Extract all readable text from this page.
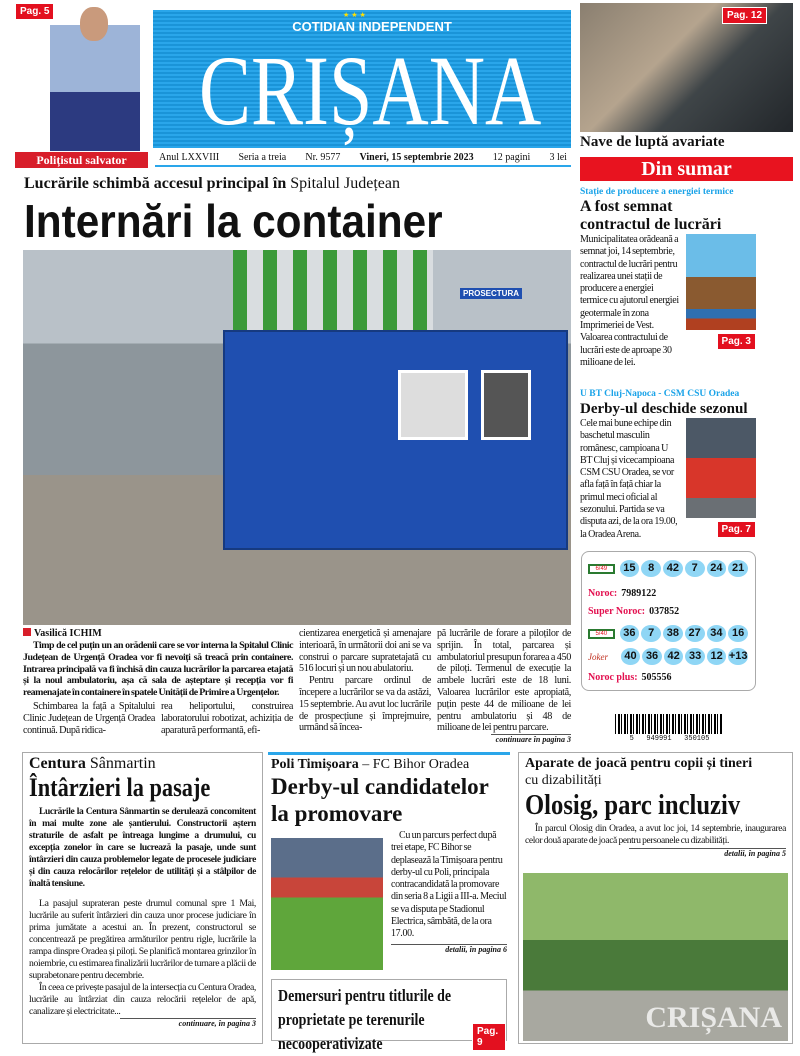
Pag. 5
Polițistul salvator
★★★
COTIDIAN INDEPENDENT
CRIȘANA
Anul LXXVIII Seria a treia Nr. 9577 Vineri, 15 septembrie 2023 12 pagini 3 lei
Pag. 12
Nave de luptă avariate
Lucrările schimbă accesul principal în Spitalul Județean
Internări la container
PROSECTURA
Vasilică ICHIM

Timp de cel puțin un an orădenii care se vor interna la Spitalul Clinic Județean de Urgență Oradea vor fi nevoiți să treacă prin containere. Intrarea principală va fi închisă din cauza lucrărilor la parcarea etajată și la noul ambulatoriu, așa că sala de așteptare și recepția vor fi reamenajate în containere în spatele Unității de Primire a Urgențelor.

Schimbarea la față a Spitalului Clinic Județean de Urgență Oradea continuă. După ridica-

rea heliportului, construirea laboratorului robotizat, achiziția de aparatură performantă, efi-

cientizarea energetică și amenajare interioară, în următorii doi ani se va construi o parcare supratetajată cu 516 locuri și un nou abulatoriu.

Pentru parcare ordinul de începere a lucrărilor se va da astăzi, 15 septembrie. Au avut loc lucrările de prospecțiune și împrejmuire, urmând să încea-

pă lucrările de forare a piloților de sprijin. În total, parcarea și ambulatoriul presupun forarea a 450 de piloți. Termenul de execuție la ambele lucrări este de 18 luni. Valoarea lucrărilor este apropiată, puțin peste 44 de milioane de lei pentru ambulatoriu și 48 de milioane de lei pentru parcare.

continuare în pagina 3
Din sumar
Stație de producere a energiei termice
A fost semnat contractul de lucrări
Pag. 3

Municipalitatea orădeană a semnat joi, 14 septembrie, contractul de lucrări pentru realizarea unei stații de producere a energiei termice cu ajutorul energiei geotermale în zona Imprimeriei de Vest. Valoarea contractului de lucrări este de aproape 30 milioane de lei.

U BT Cluj-Napoca - CSM CSU Oradea
Derby-ul deschide sezonul
Pag. 7

Cele mai bune echipe din baschetul masculin românesc, campioana U BT Cluj și vicecampioana CSM CSU Oradea, se vor afla față în față chiar la primul meci oficial al sezonului. Partida se va disputa azi, de la ora 19.00, la Oradea Arena.

6/49	15	8	42	7	24 21
Noroc: 7989122
Super Noroc: 037852
5/40	36	7	38 27 34 16
Joker	40 36 42 33 12 +13
Noroc plus: 505556
5   949991   350105
Centura Sânmartin
Întârzieri la pasaje

Lucrările la Centura Sânmartin se derulează concomitent în mai multe zone ale șantierului. Constructorii aștern straturile de asfalt pe întreaga lungime a drumului, cu excepția zonelor în care se lucrează la pasaje, unde sunt întârzieri din cauza problemelor legate de procesele judiciare și din cauza relocărilor rețelelor de utilități și a stâlpilor de înaltă tensiune.

La pasajul suprateran peste drumul comunal spre 1 Mai, lucrările au suferit întârzieri din cauza unor procese judiciare în prima jumătate a acestui an. În prezent, constructorul se concentrează pe pregătirea armăturilor pentru rigle, lucrările la rampa dinspre Oradea și piloți. Se planifică montarea grinzilor în noiembrie, cu estimarea finalizării lucrărilor de turnare a plăcii de suprabetonare pentru decembrie.

În ceea ce privește pasajul de la intersecția cu Centura Oradea, lucrările au întârziat din cauza relocării rețelelor de apă, canalizare și electricitate...

continuare, în pagina 3
Poli Timișoara – FC Bihor Oradea
Derby-ul candidatelor la promovare

Cu un parcurs perfect după trei etape, FC Bihor se deplasează la Timișoara pentru derby-ul cu Poli, principala contracandidată la promovare din seria 8 a Ligii a III-a. Meciul se va disputa pe Stadionul Electrica, sâmbătă, de la ora 17.00.

detalii, în pagina 6
Demersuri pentru titlurile de proprietate pe terenurile necooperativizate
Pag. 9
Aparate de joacă pentru copii și tineri cu dizabilități
Olosig, parc incluziv

În parcul Olosig din Oradea, a avut loc joi, 14 septembrie, inaugurarea celor două aparate de joacă pentru persoanele cu dizabilități.

detalii, în pagina 5
CRIȘANA
